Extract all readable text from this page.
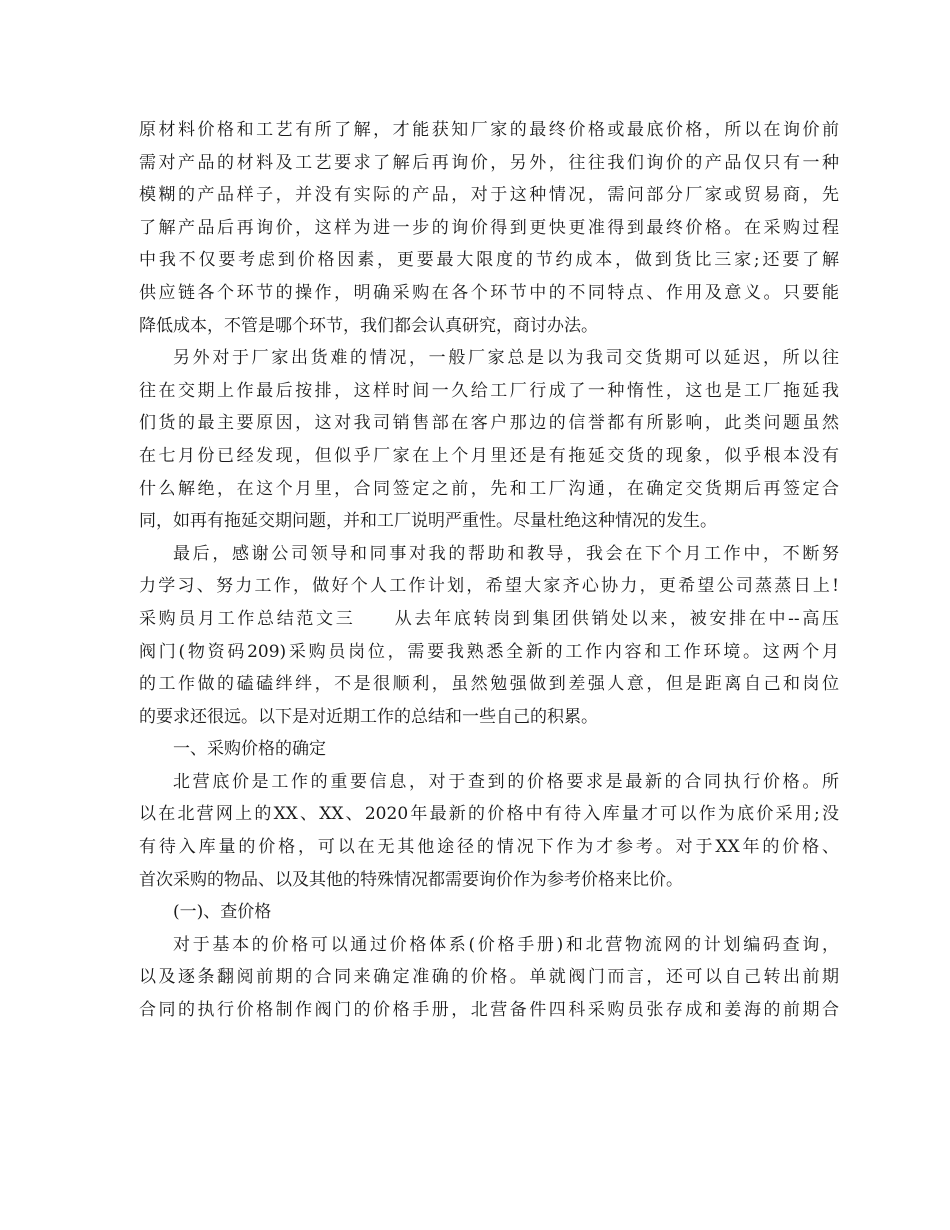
原材料价格和工艺有所了解，才能获知厂家的最终价格或最底价格，所以在询价前
需对产品的材料及工艺要求了解后再询价，另外，往往我们询价的产品仅只有一种
模糊的产品样子，并没有实际的产品，对于这种情况，需问部分厂家或贸易商，先
了解产品后再询价，这样为进一步的询价得到更快更准得到最终价格。在采购过程
中我不仅要考虑到价格因素，更要最大限度的节约成本，做到货比三家;还要了解
供应链各个环节的操作，明确采购在各个环节中的不同特点、作用及意义。只要能
降低成本，不管是哪个环节，我们都会认真研究，商讨办法。
另外对于厂家出货难的情况，一般厂家总是以为我司交货期可以延迟，所以往
往在交期上作最后按排，这样时间一久给工厂行成了一种惰性，这也是工厂拖延我
们货的最主要原因，这对我司销售部在客户那边的信誉都有所影响，此类问题虽然
在七月份已经发现，但似乎厂家在上个月里还是有拖延交货的现象，似乎根本没有
什么解绝，在这个月里，合同签定之前，先和工厂沟通，在确定交货期后再签定合
同，如再有拖延交期问题，并和工厂说明严重性。尽量杜绝这种情况的发生。
最后，感谢公司领导和同事对我的帮助和教导，我会在下个月工作中，不断努
力学习、努力工作，做好个人工作计划，希望大家齐心协力，更希望公司蒸蒸日上!
采购员月工作总结范文三　　从去年底转岗到集团供销处以来，被安排在中--高压
阀门(物资码209)采购员岗位，需要我熟悉全新的工作内容和工作环境。这两个月
的工作做的磕磕绊绊，不是很顺利，虽然勉强做到差强人意，但是距离自己和岗位
的要求还很远。以下是对近期工作的总结和一些自己的积累。
一、采购价格的确定
北营底价是工作的重要信息，对于查到的价格要求是最新的合同执行价格。所
以在北营网上的XX、XX、2020年最新的价格中有待入库量才可以作为底价采用;没
有待入库量的价格，可以在无其他途径的情况下作为才参考。对于XX年的价格、
首次采购的物品、以及其他的特殊情况都需要询价作为参考价格来比价。
(一)、查价格
对于基本的价格可以通过价格体系(价格手册)和北营物流网的计划编码查询，
以及逐条翻阅前期的合同来确定准确的价格。单就阀门而言，还可以自己转出前期
合同的执行价格制作阀门的价格手册，北营备件四科采购员张存成和姜海的前期合
